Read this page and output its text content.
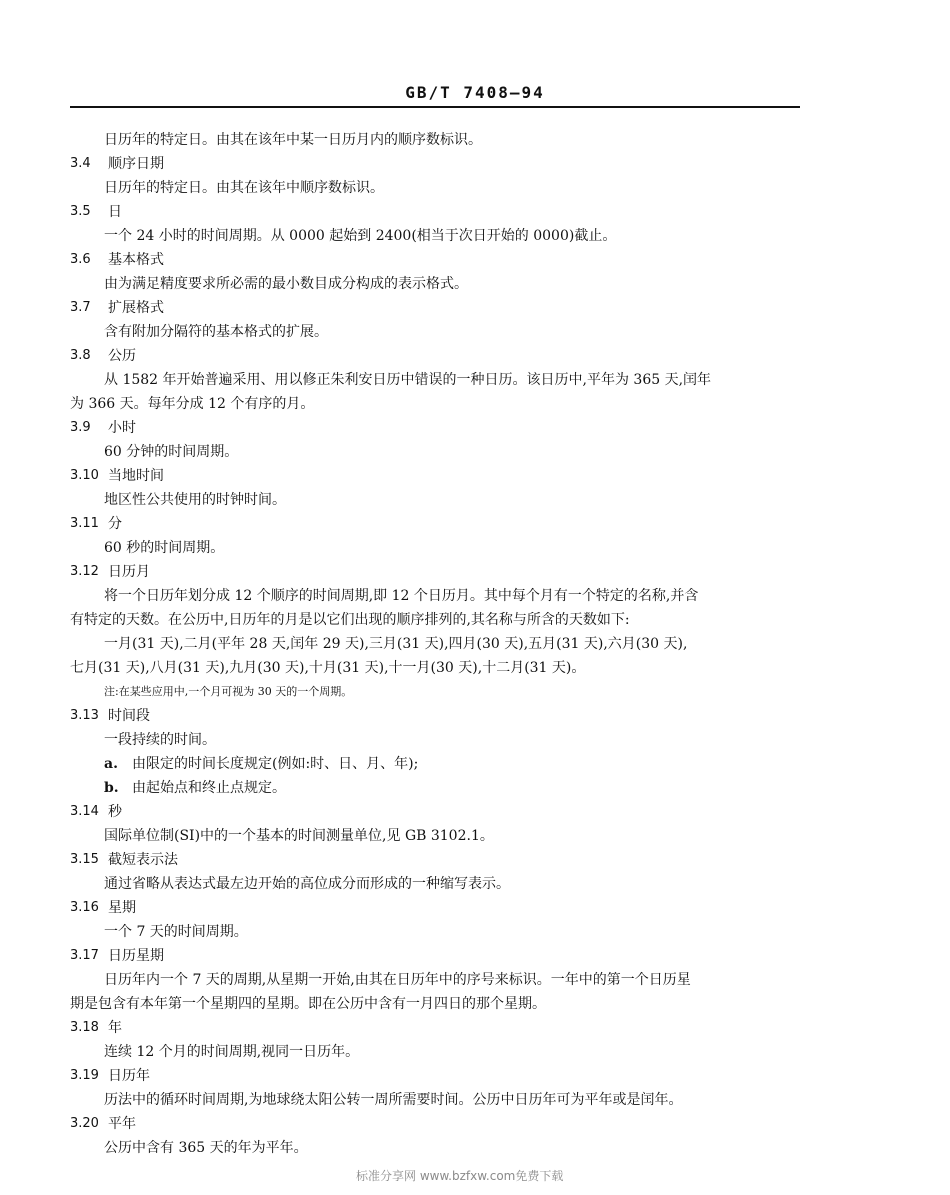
GB/T 7408—94
日历年的特定日。由其在该年中某一日历月内的顺序数标识。
3.4	顺序日期
日历年的特定日。由其在该年中顺序数标识。
3.5	日
一个 24 小时的时间周期。从 0000 起始到 2400(相当于次日开始的 0000)截止。
3.6	基本格式
由为满足精度要求所必需的最小数目成分构成的表示格式。
3.7	扩展格式
含有附加分隔符的基本格式的扩展。
3.8	公历
从 1582 年开始普遍采用、用以修正朱利安日历中错误的一种日历。该日历中,平年为 365 天,闰年
为 366 天。每年分成 12 个有序的月。
3.9	小时
60 分钟的时间周期。
3.10 当地时间
地区性公共使用的时钟时间。
3.11 分
60 秒的时间周期。
3.12 日历月
将一个日历年划分成 12 个顺序的时间周期,即 12 个日历月。其中每个月有一个特定的名称,并含
有特定的天数。在公历中,日历年的月是以它们出现的顺序排列的,其名称与所含的天数如下:
一月(31 天),二月(平年 28 天,闰年 29 天),三月(31 天),四月(30 天),五月(31 天),六月(30 天),
七月(31 天),八月(31 天),九月(30 天),十月(31 天),十一月(30 天),十二月(31 天)。
注:在某些应用中,一个月可视为 30 天的一个周期。
3.13 时间段
一段持续的时间。
a. 由限定的时间长度规定(例如:时、日、月、年);
b. 由起始点和终止点规定。
3.14 秒
国际单位制(SI)中的一个基本的时间测量单位,见 GB 3102.1。
3.15 截短表示法
通过省略从表达式最左边开始的高位成分而形成的一种缩写表示。
3.16 星期
一个 7 天的时间周期。
3.17 日历星期
日历年内一个 7 天的周期,从星期一开始,由其在日历年中的序号来标识。一年中的第一个日历星
期是包含有本年第一个星期四的星期。即在公历中含有一月四日的那个星期。
3.18 年
连续 12 个月的时间周期,视同一日历年。
3.19 日历年
历法中的循环时间周期,为地球绕太阳公转一周所需要时间。公历中日历年可为平年或是闰年。
3.20 平年
公历中含有 365 天的年为平年。
标准分享网 www.bzfxw.com免费下载
